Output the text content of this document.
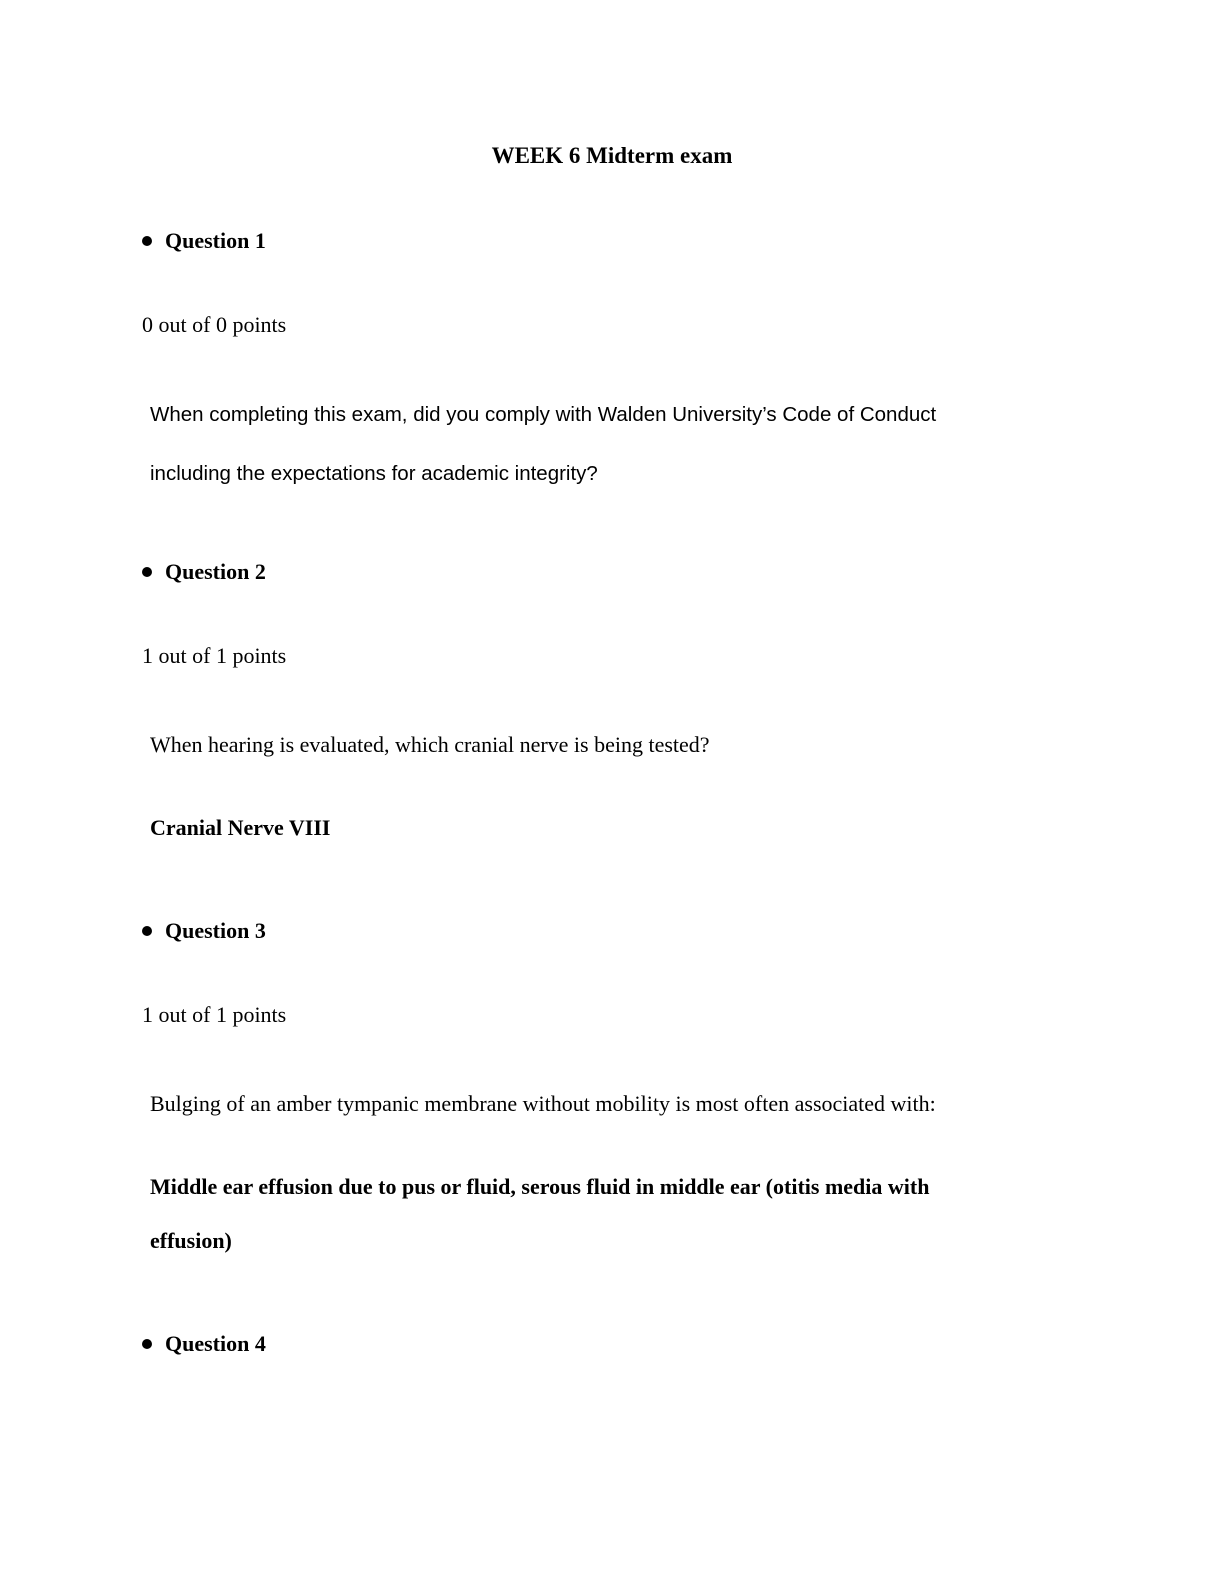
WEEK 6 Midterm exam
Question 1
0 out of 0 points
When completing this exam, did you comply with Walden University’s Code of Conduct
including the expectations for academic integrity?
Question 2
1 out of 1 points
When hearing is evaluated, which cranial nerve is being tested?
Cranial Nerve VIII
Question 3
1 out of 1 points
Bulging of an amber tympanic membrane without mobility is most often associated with:
Middle ear effusion due to pus or fluid, serous fluid in middle ear (otitis media with
effusion)
Question 4
